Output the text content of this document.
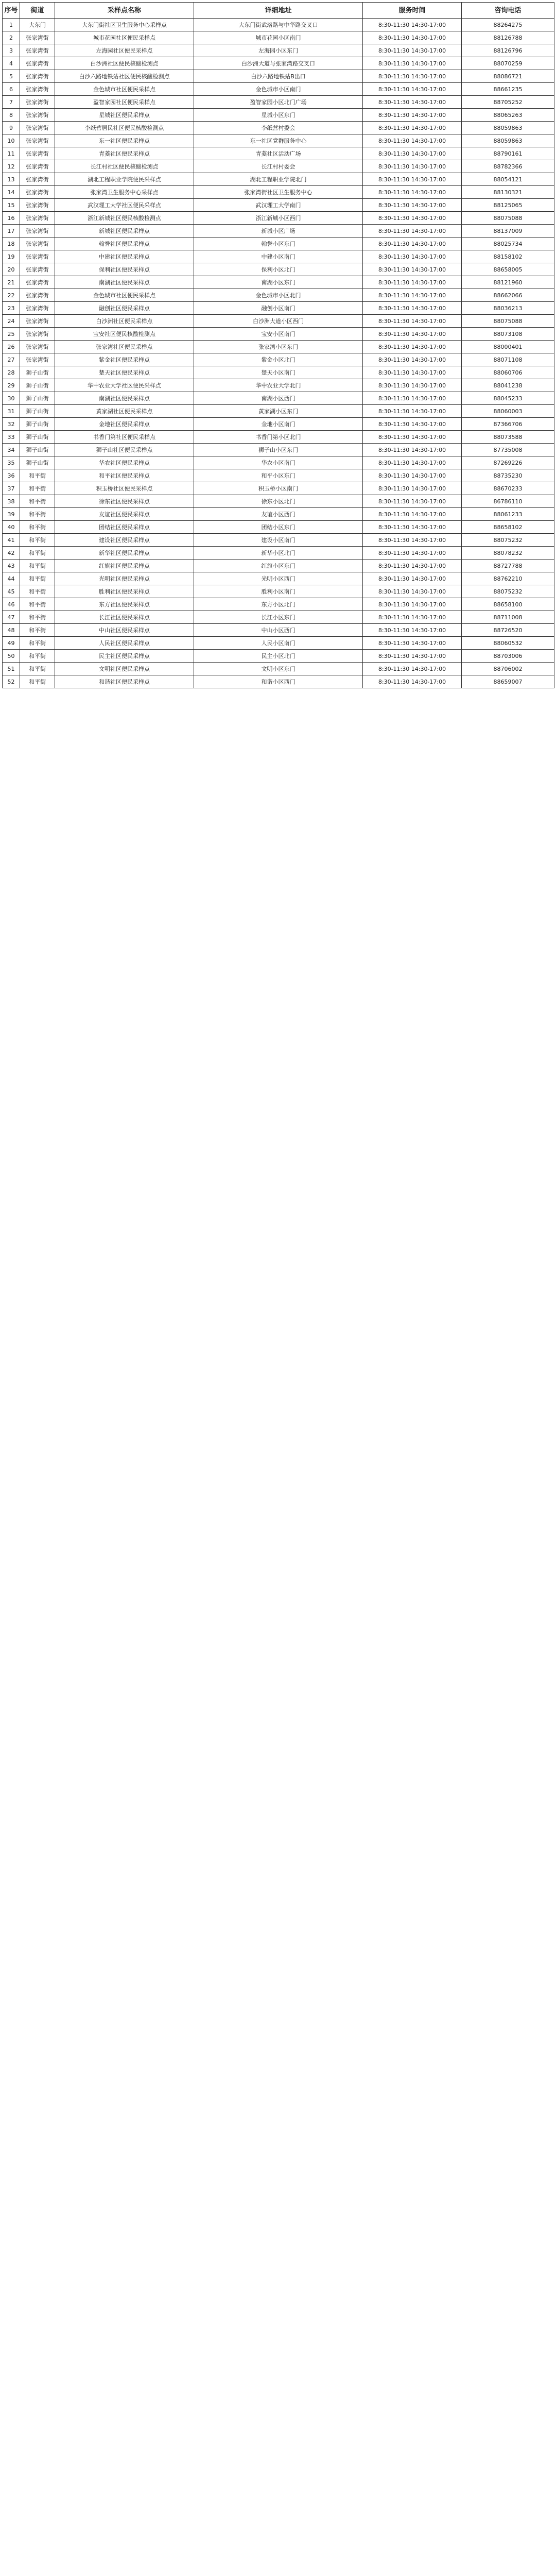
序号	街道	采样点名称	详细地址	服务时间	咨询电话
1	大东门	大东门街社区卫生服务中心采样点	大东门街武珞路与中华路交叉口	8:30-11:30 14:30-17:00	88264275
2	张家湾街	城市花园社区便民采样点	城市花园小区南门	8:30-11:30 14:30-17:00	88126788
3	张家湾街	左海园社区便民采样点	左海园小区东门	8:30-11:30 14:30-17:00	88126796
4	张家湾街	白沙洲社区便民核酸检测点	白沙洲大道与张家湾路交叉口	8:30-11:30 14:30-17:00	88070259
5	张家湾街	白沙六路地铁站社区便民核酸检测点	白沙六路地铁站B出口	8:30-11:30 14:30-17:00	88086721
6	张家湾街	金色城市社区便民采样点	金色城市小区南门	8:30-11:30 14:30-17:00	88661235
7	张家湾街	盈智家园社区便民采样点	盈智家园小区北门广场	8:30-11:30 14:30-17:00	88705252
8	张家湾街	星城社区便民采样点	星城小区东门	8:30-11:30 14:30-17:00	88065263
9	张家湾街	李纸营居民社区便民核酸检测点	李纸营村委会	8:30-11:30 14:30-17:00	88059863
10	张家湾街	东一社区便民采样点	东一社区党群服务中心	8:30-11:30 14:30-17:00	88059863
11	张家湾街	青菱社区便民采样点	青菱社区活动广场	8:30-11:30 14:30-17:00	88790161
12	张家湾街	长江村社区便民核酸检测点	长江村村委会	8:30-11:30 14:30-17:00	88782366
13	张家湾街	湖北工程职业学院便民采样点	湖北工程职业学院北门	8:30-11:30 14:30-17:00	88054121
14	张家湾街	张家湾卫生服务中心采样点	张家湾街社区卫生服务中心	8:30-11:30 14:30-17:00	88130321
15	张家湾街	武汉理工大学社区便民采样点	武汉理工大学南门	8:30-11:30 14:30-17:00	88125065
16	张家湾街	浙江新城社区便民核酸检测点	浙江新城小区西门	8:30-11:30 14:30-17:00	88075088
17	张家湾街	新城社区便民采样点	新城小区广场	8:30-11:30 14:30-17:00	88137009
18	张家湾街	翰誉社区便民采样点	翰誉小区东门	8:30-11:30 14:30-17:00	88025734
19	张家湾街	中建社区便民采样点	中建小区南门	8:30-11:30 14:30-17:00	88158102
20	张家湾街	保利社区便民采样点	保利小区北门	8:30-11:30 14:30-17:00	88658005
21	张家湾街	南湖社区便民采样点	南湖小区东门	8:30-11:30 14:30-17:00	88121960
22	张家湾街	金色城市社区便民采样点	金色城市小区北门	8:30-11:30 14:30-17:00	88662066
23	张家湾街	融创社区便民采样点	融创小区南门	8:30-11:30 14:30-17:00	88036213
24	张家湾街	白沙洲社区便民采样点	白沙洲大道小区西门	8:30-11:30 14:30-17:00	88075088
25	张家湾街	宝安社区便民核酸检测点	宝安小区南门	8:30-11:30 14:30-17:00	88073108
26	张家湾街	张家湾社区便民采样点	张家湾小区东门	8:30-11:30 14:30-17:00	88000401
27	张家湾街	紫金社区便民采样点	紫金小区北门	8:30-11:30 14:30-17:00	88071108
28	狮子山街	楚天社区便民采样点	楚天小区南门	8:30-11:30 14:30-17:00	88060706
29	狮子山街	华中农业大学社区便民采样点	华中农业大学北门	8:30-11:30 14:30-17:00	88041238
30	狮子山街	南湖社区便民采样点	南湖小区西门	8:30-11:30 14:30-17:00	88045233
31	狮子山街	黄家湖社区便民采样点	黄家湖小区东门	8:30-11:30 14:30-17:00	88060003
32	狮子山街	金地社区便民采样点	金地小区南门	8:30-11:30 14:30-17:00	87366706
33	狮子山街	书香门第社区便民采样点	书香门第小区北门	8:30-11:30 14:30-17:00	88073588
34	狮子山街	狮子山社区便民采样点	狮子山小区东门	8:30-11:30 14:30-17:00	87735008
35	狮子山街	华农社区便民采样点	华农小区南门	8:30-11:30 14:30-17:00	87269226
36	和平街	和平社区便民采样点	和平小区东门	8:30-11:30 14:30-17:00	88735230
37	和平街	积玉桥社区便民采样点	积玉桥小区南门	8:30-11:30 14:30-17:00	88670233
38	和平街	徐东社区便民采样点	徐东小区北门	8:30-11:30 14:30-17:00	86786110
39	和平街	友谊社区便民采样点	友谊小区西门	8:30-11:30 14:30-17:00	88061233
40	和平街	团结社区便民采样点	团结小区东门	8:30-11:30 14:30-17:00	88658102
41	和平街	建设社区便民采样点	建设小区南门	8:30-11:30 14:30-17:00	88075232
42	和平街	新华社区便民采样点	新华小区北门	8:30-11:30 14:30-17:00	88078232
43	和平街	红旗社区便民采样点	红旗小区东门	8:30-11:30 14:30-17:00	88727788
44	和平街	光明社区便民采样点	光明小区西门	8:30-11:30 14:30-17:00	88762210
45	和平街	胜利社区便民采样点	胜利小区南门	8:30-11:30 14:30-17:00	88075232
46	和平街	东方社区便民采样点	东方小区北门	8:30-11:30 14:30-17:00	88658100
47	和平街	长江社区便民采样点	长江小区东门	8:30-11:30 14:30-17:00	88711008
48	和平街	中山社区便民采样点	中山小区西门	8:30-11:30 14:30-17:00	88726520
49	和平街	人民社区便民采样点	人民小区南门	8:30-11:30 14:30-17:00	88060532
50	和平街	民主社区便民采样点	民主小区北门	8:30-11:30 14:30-17:00	88703006
51	和平街	文明社区便民采样点	文明小区东门	8:30-11:30 14:30-17:00	88706002
52	和平街	和谐社区便民采样点	和谐小区西门	8:30-11:30 14:30-17:00	88659007
